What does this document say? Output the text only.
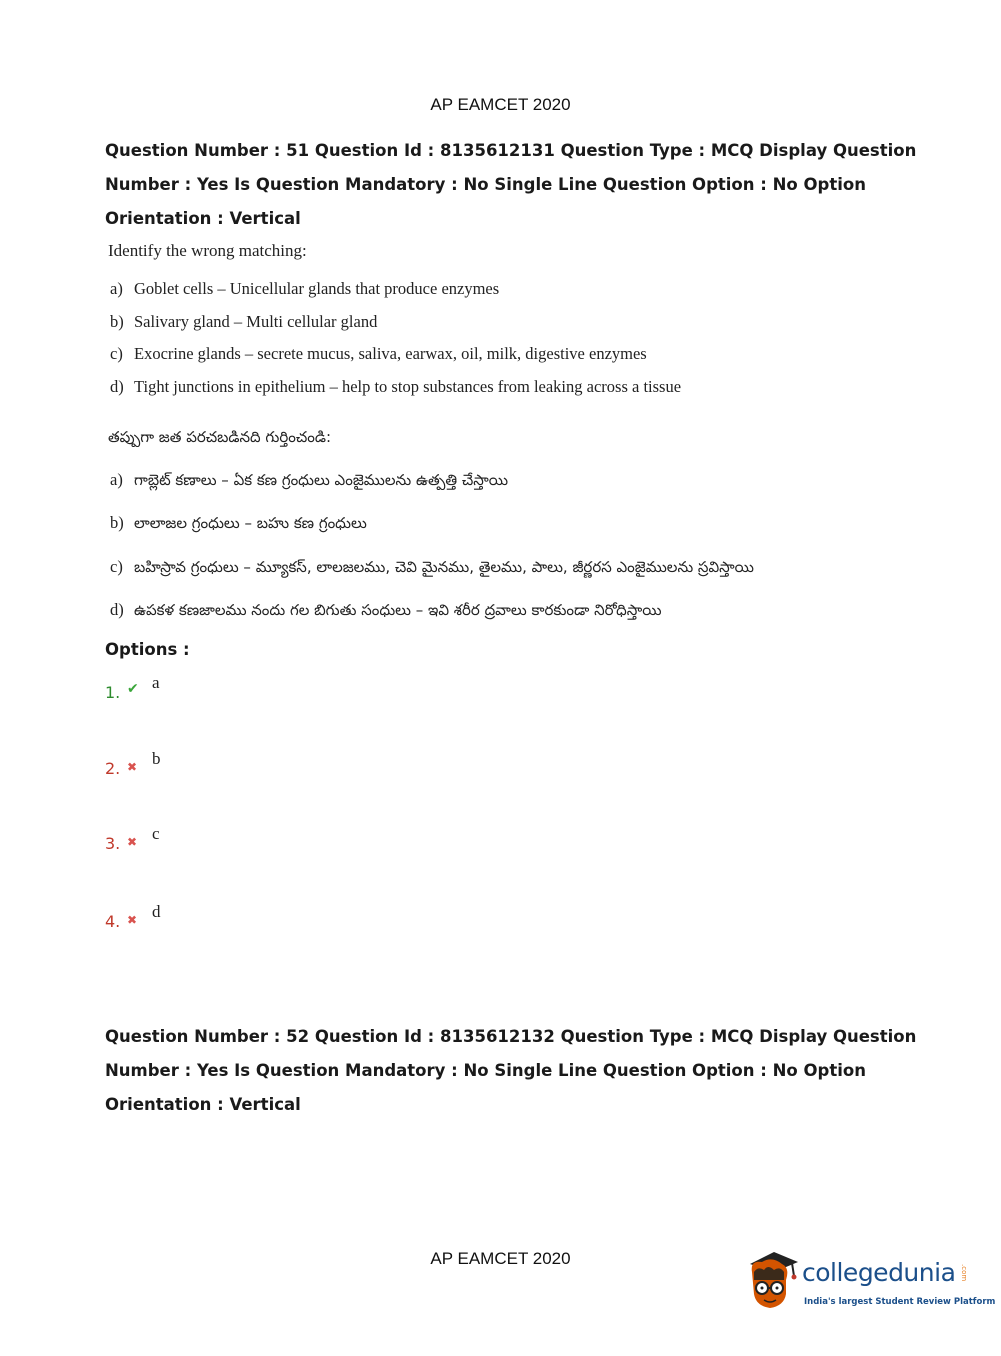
AP EAMCET 2020
Question Number : 51 Question Id : 8135612131 Question Type : MCQ Display Question
Number : Yes Is Question Mandatory : No Single Line Question Option : No Option
Orientation : Vertical
Identify the wrong matching:
a) Goblet cells – Unicellular glands that produce enzymes
b) Salivary gland – Multi cellular gland
c) Exocrine glands – secrete mucus, saliva, earwax, oil, milk, digestive enzymes
d) Tight junctions in epithelium – help to stop substances from leaking across a tissue
తప్పుగా జత పరచబడినది గుర్తించండి:
a) గాబ్లెట్ కణాలు – ఏక కణ గ్రంధులు ఎంజైములను ఉత్పత్తి చేస్తాయి
b) లాలాజల గ్రంధులు – బహు కణ గ్రంధులు
c) బహిస్రావ గ్రంధులు – మ్యూకస్, లాలజలము, చెవి మైనము, తైలము, పాలు, జీర్ణరస ఎంజైములను స్రవిస్తాయి
d) ఉపకళ కణజాలము నందు గల బిగుతు సంధులు – ఇవి శరీర ద్రవాలు కారకుండా నిరోధిస్తాయి
Options :
1. ✔ a
2. ✖ b
3. ✖ c
4. ✖ d
Question Number : 52 Question Id : 8135612132 Question Type : MCQ Display Question
Number : Yes Is Question Mandatory : No Single Line Question Option : No Option
Orientation : Vertical
AP EAMCET 2020	collegedunia .com
India's largest Student Review Platform
